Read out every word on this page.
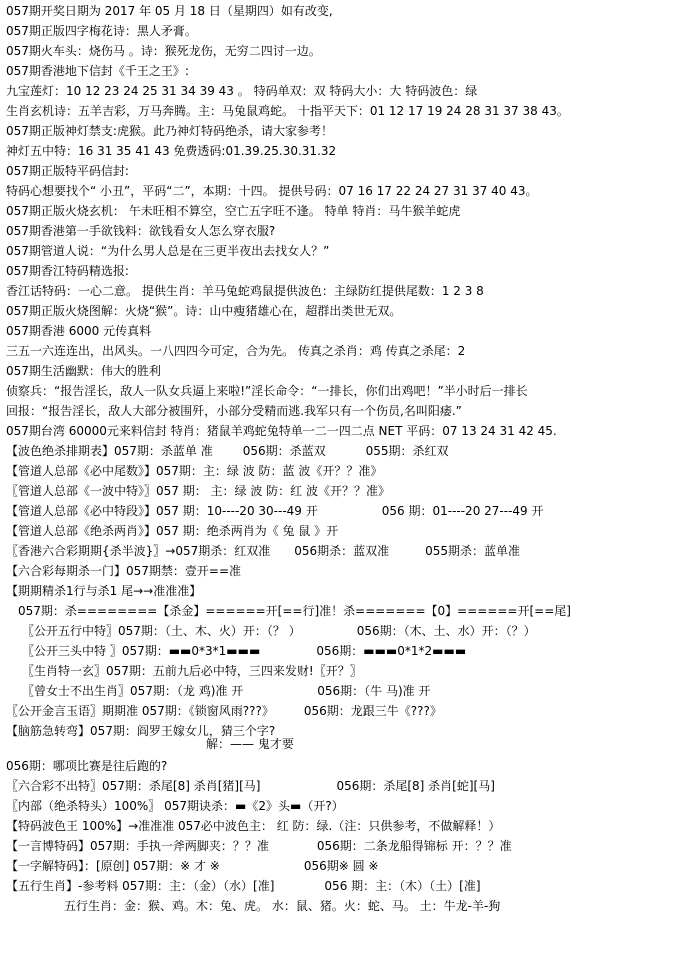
057期开奖日期为 2017 年 05 月 18 日（星期四）如有改变,
057期正版四字梅花诗：黑人矛膏。
057期火车头：烧伤马 。诗：猴死龙伤，无穷二四讨一边。
057期香港地下信封《千王之王》:
九宝莲灯：10 12 23 24 25 31 34 39 43 。 特码单双：双 特码大小：大 特码波色：绿
生肖玄机诗：五羊吉彩，万马奔腾。主：马兔鼠鸡蛇。 十指平天下：01 12 17 19 24 28 31 37 38 43。
057期正版神灯禁支:虎猴。此乃神灯特码绝杀，请大家参考！
神灯五中特：16 31 35 41 43 免费透码:01.39.25.30.31.32
057期正版特平码信封:
特码心想要找个“ 小丑”，平码“二”，本期：十四。 提供号码：07 16 17 22 24 27 31 37 40 43。
057期正版火烧玄机： 午未旺相不算空，空亡五字旺不逢。 特单 特肖：马牛猴羊蛇虎
057期香港第一手欲钱料：欲钱看女人怎么穿衣服?
057期管道人说：“为什么男人总是在三更半夜出去找女人？”
057期香江特码精选报:
香江话特码：一心二意。 提供生肖：羊马兔蛇鸡鼠提供波色：主绿防红提供尾数：1 2 3 8
057期正版火烧图解：火烧“猴”。诗：山中瘦猪雄心在，超群出类世无双。
057期香港 6000 元传真料
三五一六连连出，出风头。一八四四今可定，合为先。 传真之杀肖：鸡 传真之杀尾：2
057期生活幽默：伟大的胜利
侦察兵：“报告淫长，敌人一队女兵逼上来啦!”淫长命令：“一排长，你们出鸡吧！”半小时后一排长
回报：“报告淫长，敌人大部分被围歼，小部分受精而逃.我军只有一个伤员,名叫阳痿.”
057期台湾 60000元来料信封 特肖：猪鼠羊鸡蛇兔特单一二一四二点 NET 平码：07 13 24 31 42 45.
【波色绝杀排期表】057期：杀蓝单 准	056期：杀蓝双	055期：杀红双
【管道人总部《必中尾数》】057期：主：绿 波 防：蓝 波《开？？准》
〖管道人总部《一波中特》〗057 期： 主：绿 波 防：红 波《开？？准》
【管道人总部《必中特段》】057 期：10----20 30---49 开	056 期：01----20 27---49 开
【管道人总部《绝杀两肖》】057 期：绝杀两肖为《 兔 鼠 》开
〖香港六合彩期期{杀半波}〗→057期杀：红双准 056期杀：蓝双准	055期杀：蓝单准
【六合彩每期杀一门】057期禁：壹开==准
【期期精杀1行与杀1 尾→→准准准】
057期：杀========【杀金】======开[==行]准！杀=======【0】======开[==尾]
〖公开五行中特〗057期：（土、木、火）开：（？ ）	056期：（木、土、水）开：（？）
〖公开三头中特 〗057期：▬▬0*3*1▬▬▬	056期：▬▬▬0*1*2▬▬▬
〖生肖特一玄〗057期：五前九后必中特，三四来发财!〖开？〗
〖曾女士不出生肖〗057期：（龙 鸡)准 开	056期：（牛 马)准 开
〖公开金言玉语〗期期准 057期：《锁窗风雨???》	056期：龙跟三牛《???》
【脑筋急转弯】057期：阎罗王嫁女儿，猜三个字?
解：—— 鬼才要
056期：哪项比赛是往后跑的?
〖六合彩不出特〗057期：杀尾[8] 杀肖[猪][马]	056期：杀尾[8] 杀肖[蛇][马]
〖内部（绝杀特头）100%〗 057期诀杀：▬《2》头▬（开?）
【特码波色王 100%】→准准准 057必中波色主： 红 防：绿.（注：只供参考，不做解释！）
【一言博特码】057期：手执一斧两脚夹：？？准	056期：二条龙船得锦标 开：？？准
【一字解特码】：[原创] 057期：※ 才 ※	056期※ 圆 ※
【五行生肖】-参考料 057期：主：（金）（水）[准]	056 期：主：（木）（土）[准]
五行生肖：金：猴、鸡。木：兔、虎。 水：鼠、猪。火：蛇、马。 土：牛龙-羊-狗
